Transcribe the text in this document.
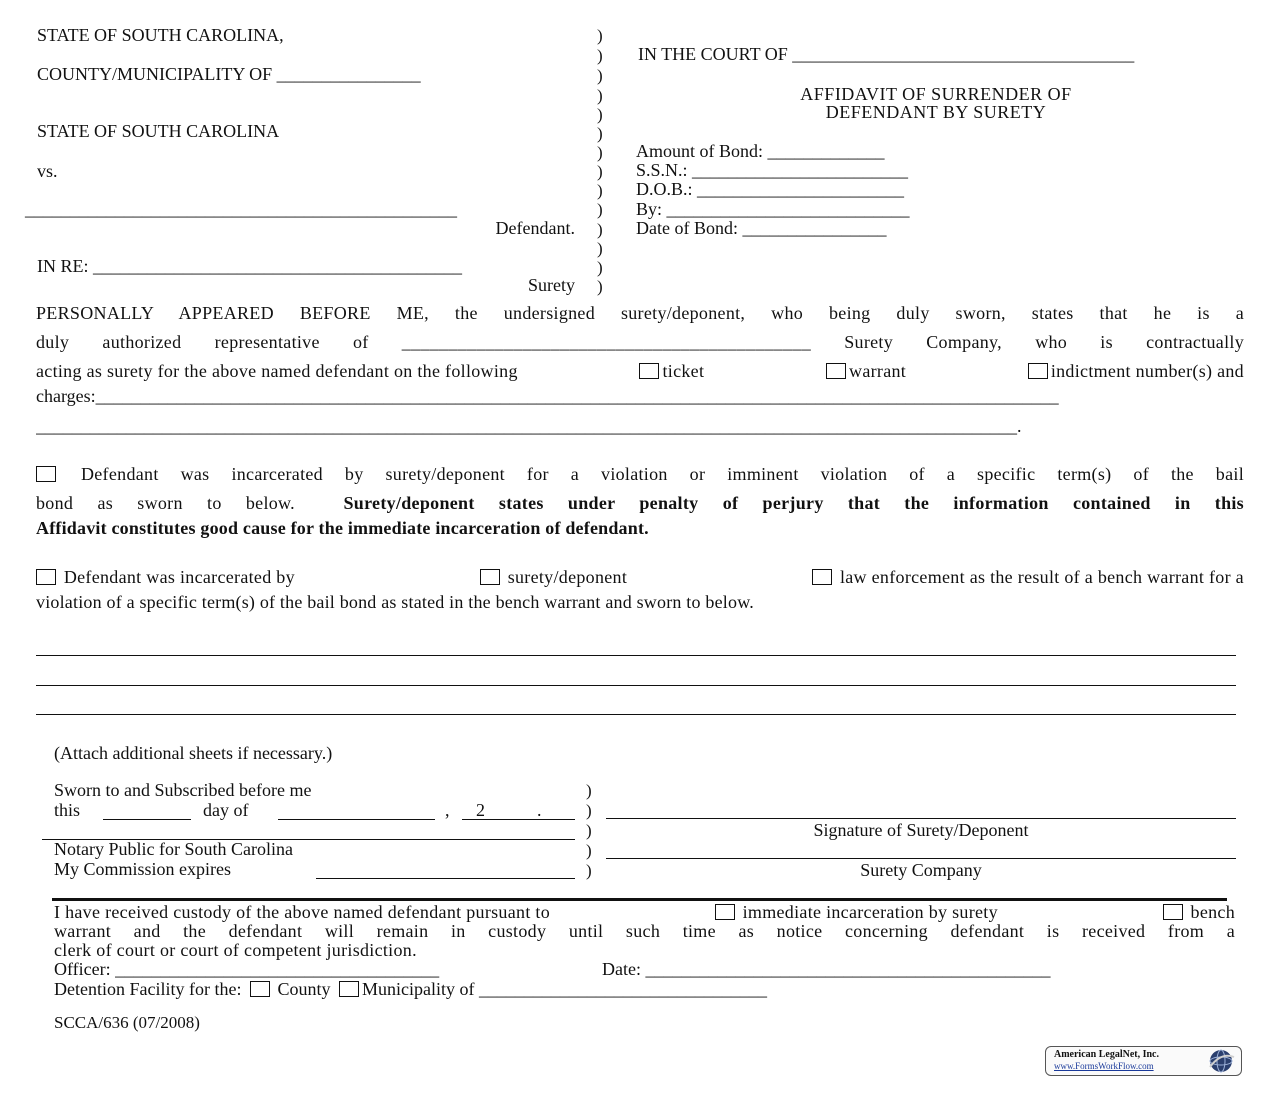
STATE OF SOUTH CAROLINA,
COUNTY/MUNICIPALITY OF ________________
STATE OF SOUTH CAROLINA
vs.
________________________________________________
Defendant.
IN RE: _________________________________________
Surety
)
)
)
)
)
)
)
)
)
)
)
)
)
)
IN THE COURT OF ______________________________________
AFFIDAVIT OF SURRENDER OF
DEFENDANT BY SURETY
Amount of Bond: _____________
S.S.N.: ________________________
D.O.B.: _______________________
By: ___________________________
Date of Bond: ________________
PERSONALLY APPEARED BEFORE ME, the undersigned surety/deponent, who being duly sworn, states that he is a
duly authorized representative of ____________________________________________ Surety Company, who is contractually
acting as surety for the above named defendant on the following	ticket	warrant	indictment number(s) and
charges:___________________________________________________________________________________________________________
_____________________________________________________________________________________________________________.
Defendant was incarcerated by surety/deponent for a violation or imminent violation of a specific term(s) of the bail
bond as sworn to below.	Surety/deponent states under penalty of perjury that the information contained in this
Affidavit constitutes good cause for the immediate incarceration of defendant.
Defendant was incarcerated by	surety/deponent	law enforcement as the result of a bench warrant for a
violation of a specific term(s) of the bail bond as stated in the bench warrant and sworn to below.
(Attach additional sheets if necessary.)
Sworn to and Subscribed before me
this	day of	, 2	.
Notary Public for South Carolina
My Commission expires
)
)
)
)
)
Signature of Surety/Deponent
Surety Company
I have received custody of the above named defendant pursuant to	immediate incarceration by surety	bench
warrant and the defendant will remain in custody until such time as notice concerning defendant is received from a
clerk of court or court of competent jurisdiction.
Officer: ____________________________________	Date: _____________________________________________
Detention Facility for the: County Municipality of ________________________________
SCCA/636 (07/2008)
American LegalNet, Inc.
www.FormsWorkFlow.com
